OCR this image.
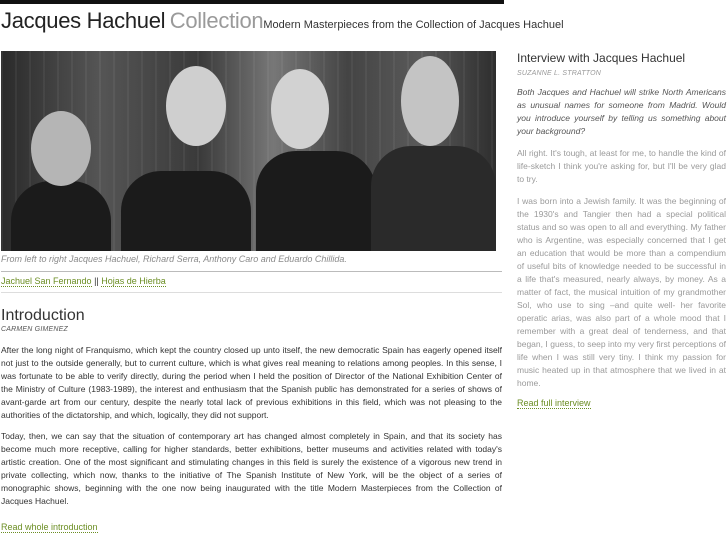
Jacques Hachuel CollectionModern Masterpieces from the Collection of Jacques Hachuel
From left to right Jacques Hachuel, Richard Serra, Anthony Caro and Eduardo Chillida.
Jachuel San Fernando || Hojas de Hierba
Introduction
CARMEN GIMENEZ

After the long night of Franquismo, which kept the country closed up unto itself, the new democratic Spain has eagerly opened itself not just to the outside generally, but to current culture, which is what gives real meaning to relations among peoples. In this sense, I was fortunate to be able to verify directly, during the period when I held the position of Director of the National Exhibition Center of the Ministry of Culture (1983-1989), the interest and enthusiasm that the Spanish public has demonstrated for a series of shows of avant-garde art from our century, despite the nearly total lack of previous exhibitions in this field, which was not pleasing to the authorities of the dictatorship, and which, logically, they did not support.

Today, then, we can say that the situation of contemporary art has changed almost completely in Spain, and that its society has become much more receptive, calling for higher standards, better exhibitions, better museums and activities related with today's artistic creation. One of the most significant and stimulating changes in this field is surely the existence of a vigorous new trend in private collecting, which now, thanks to the initiative of The Spanish Institute of New York, will be the object of a series of monographic shows, beginning with the one now being inaugurated with the title Modern Masterpieces from the Collection of Jacques Hachuel.

Read whole introduction
Interview with Jacques Hachuel
SUZANNE L. STRATTON
Both Jacques and Hachuel will strike North Americans as unusual names for someone from Madrid. Would you introduce yourself by telling us something about your background?
All right. It's tough, at least for me, to handle the kind of life-sketch I think you're asking for, but I'll be very glad to try.
I was born into a Jewish family. It was the beginning of the 1930's and Tangier then had a special political status and so was open to all and everything. My father who is Argentine, was especially concerned that I get an education that would be more than a compendium of useful bits of knowledge needed to be successful in a life that's measured, nearly always, by money. As a matter of fact, the musical intuition of my grandmother Sol, who use to sing –and quite well- her favorite operatic arias, was also part of a whole mood that I remember with a great deal of tenderness, and that began, I guess, to seep into my very first perceptions of life when I was still very tiny. I think my passion for music heated up in that atmosphere that we lived in at home.
Read full interview
